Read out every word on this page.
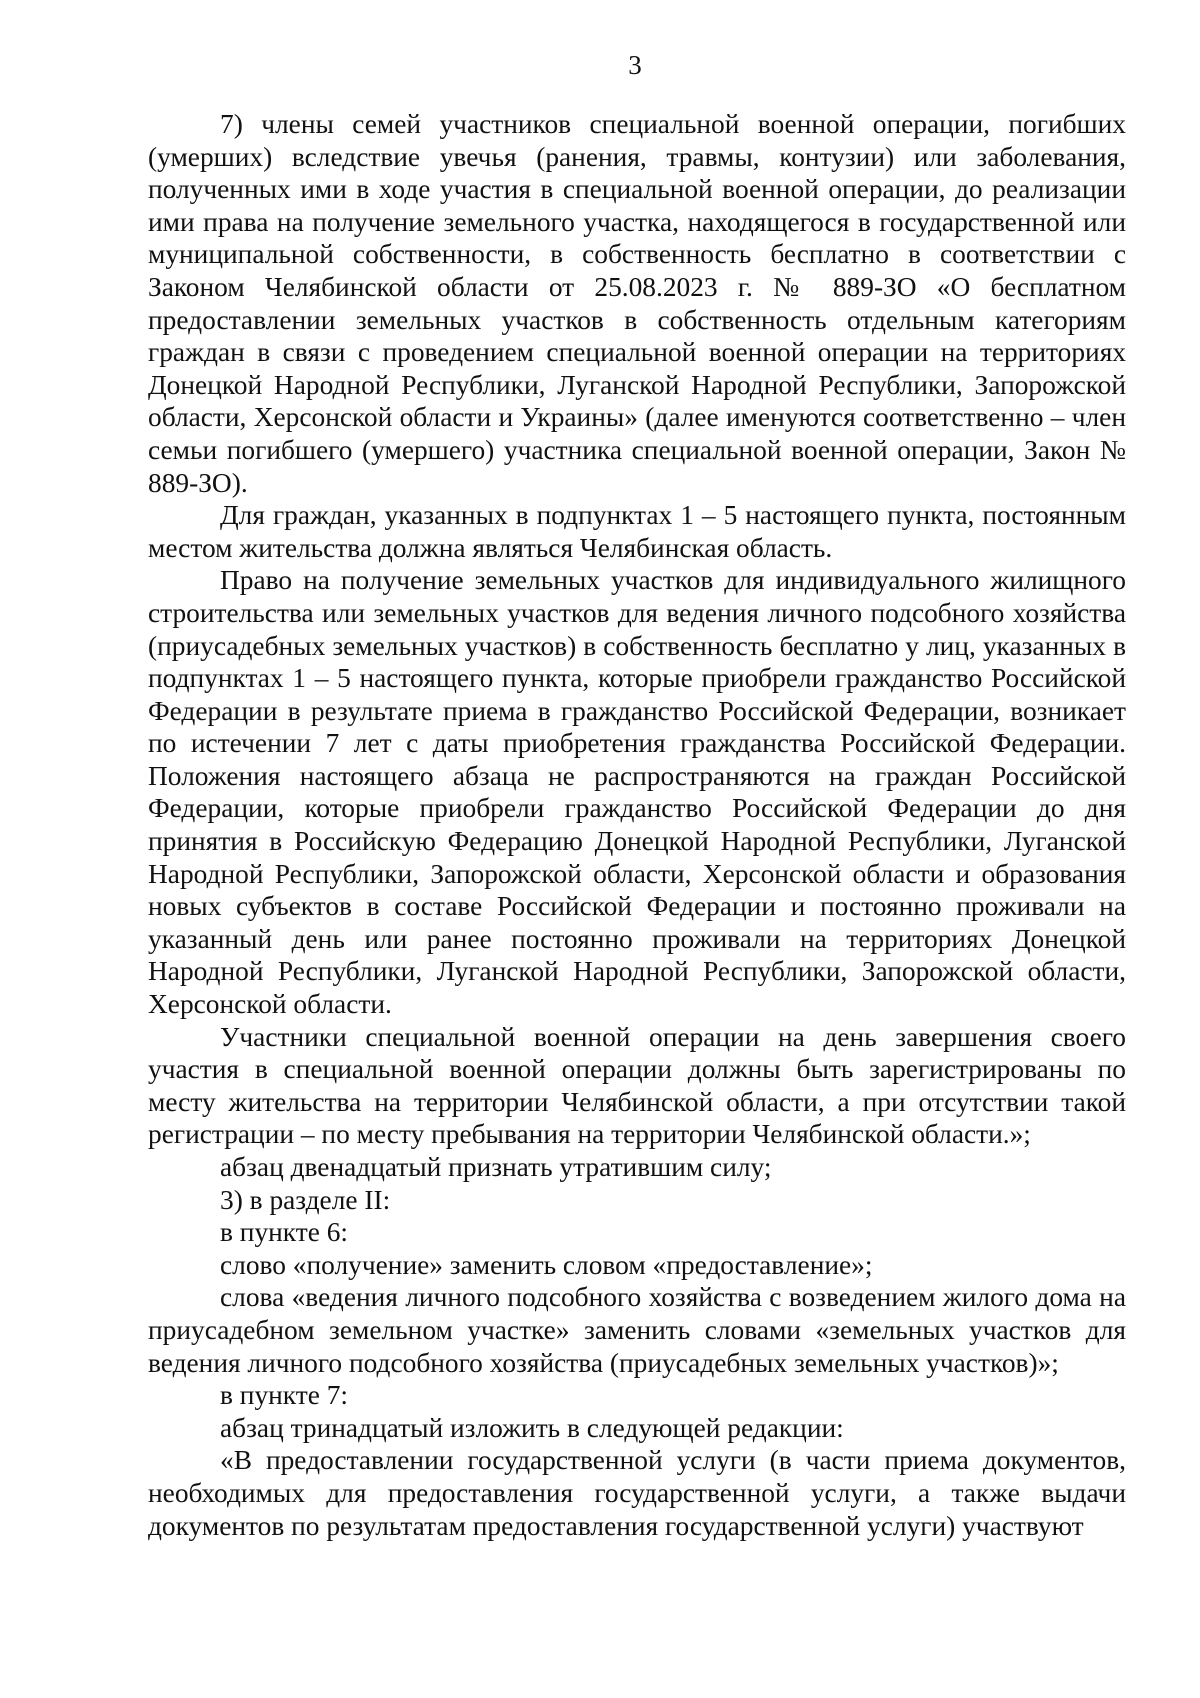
3

7) члены семей участников специальной военной операции, погибших (умерших) вследствие увечья (ранения, травмы, контузии) или заболевания, полученных ими в ходе участия в специальной военной операции, до реализации ими права на получение земельного участка, находящегося в государственной или муниципальной собственности, в собственность бесплатно в соответствии с Законом Челябинской области от 25.08.2023 г. № 889-ЗО «О бесплатном предоставлении земельных участков в собственность отдельным категориям граждан в связи с проведением специальной военной операции на территориях Донецкой Народной Республики, Луганской Народной Республики, Запорожской области, Херсонской области и Украины» (далее именуются соответственно – член семьи погибшего (умершего) участника специальной военной операции, Закон № 889-ЗО).

Для граждан, указанных в подпунктах 1 – 5 настоящего пункта, постоянным местом жительства должна являться Челябинская область.

Право на получение земельных участков для индивидуального жилищного строительства или земельных участков для ведения личного подсобного хозяйства (приусадебных земельных участков) в собственность бесплатно у лиц, указанных в подпунктах 1 – 5 настоящего пункта, которые приобрели гражданство Российской Федерации в результате приема в гражданство Российской Федерации, возникает по истечении 7 лет с даты приобретения гражданства Российской Федерации. Положения настоящего абзаца не распространяются на граждан Российской Федерации, которые приобрели гражданство Российской Федерации до дня принятия в Российскую Федерацию Донецкой Народной Республики, Луганской Народной Республики, Запорожской области, Херсонской области и образования новых субъектов в составе Российской Федерации и постоянно проживали на указанный день или ранее постоянно проживали на территориях Донецкой Народной Республики, Луганской Народной Республики, Запорожской области, Херсонской области.

Участники специальной военной операции на день завершения своего участия в специальной военной операции должны быть зарегистрированы по месту жительства на территории Челябинской области, а при отсутствии такой регистрации – по месту пребывания на территории Челябинской области.»;

абзац двенадцатый признать утратившим силу;

3) в разделе II:

в пункте 6:

слово «получение» заменить словом «предоставление»;

слова «ведения личного подсобного хозяйства с возведением жилого дома на приусадебном земельном участке» заменить словами «земельных участков для ведения личного подсобного хозяйства (приусадебных земельных участков)»;

в пункте 7:

абзац тринадцатый изложить в следующей редакции:

«В предоставлении государственной услуги (в части приема документов, необходимых для предоставления государственной услуги, а также выдачи документов по результатам предоставления государственной услуги) участвуют
